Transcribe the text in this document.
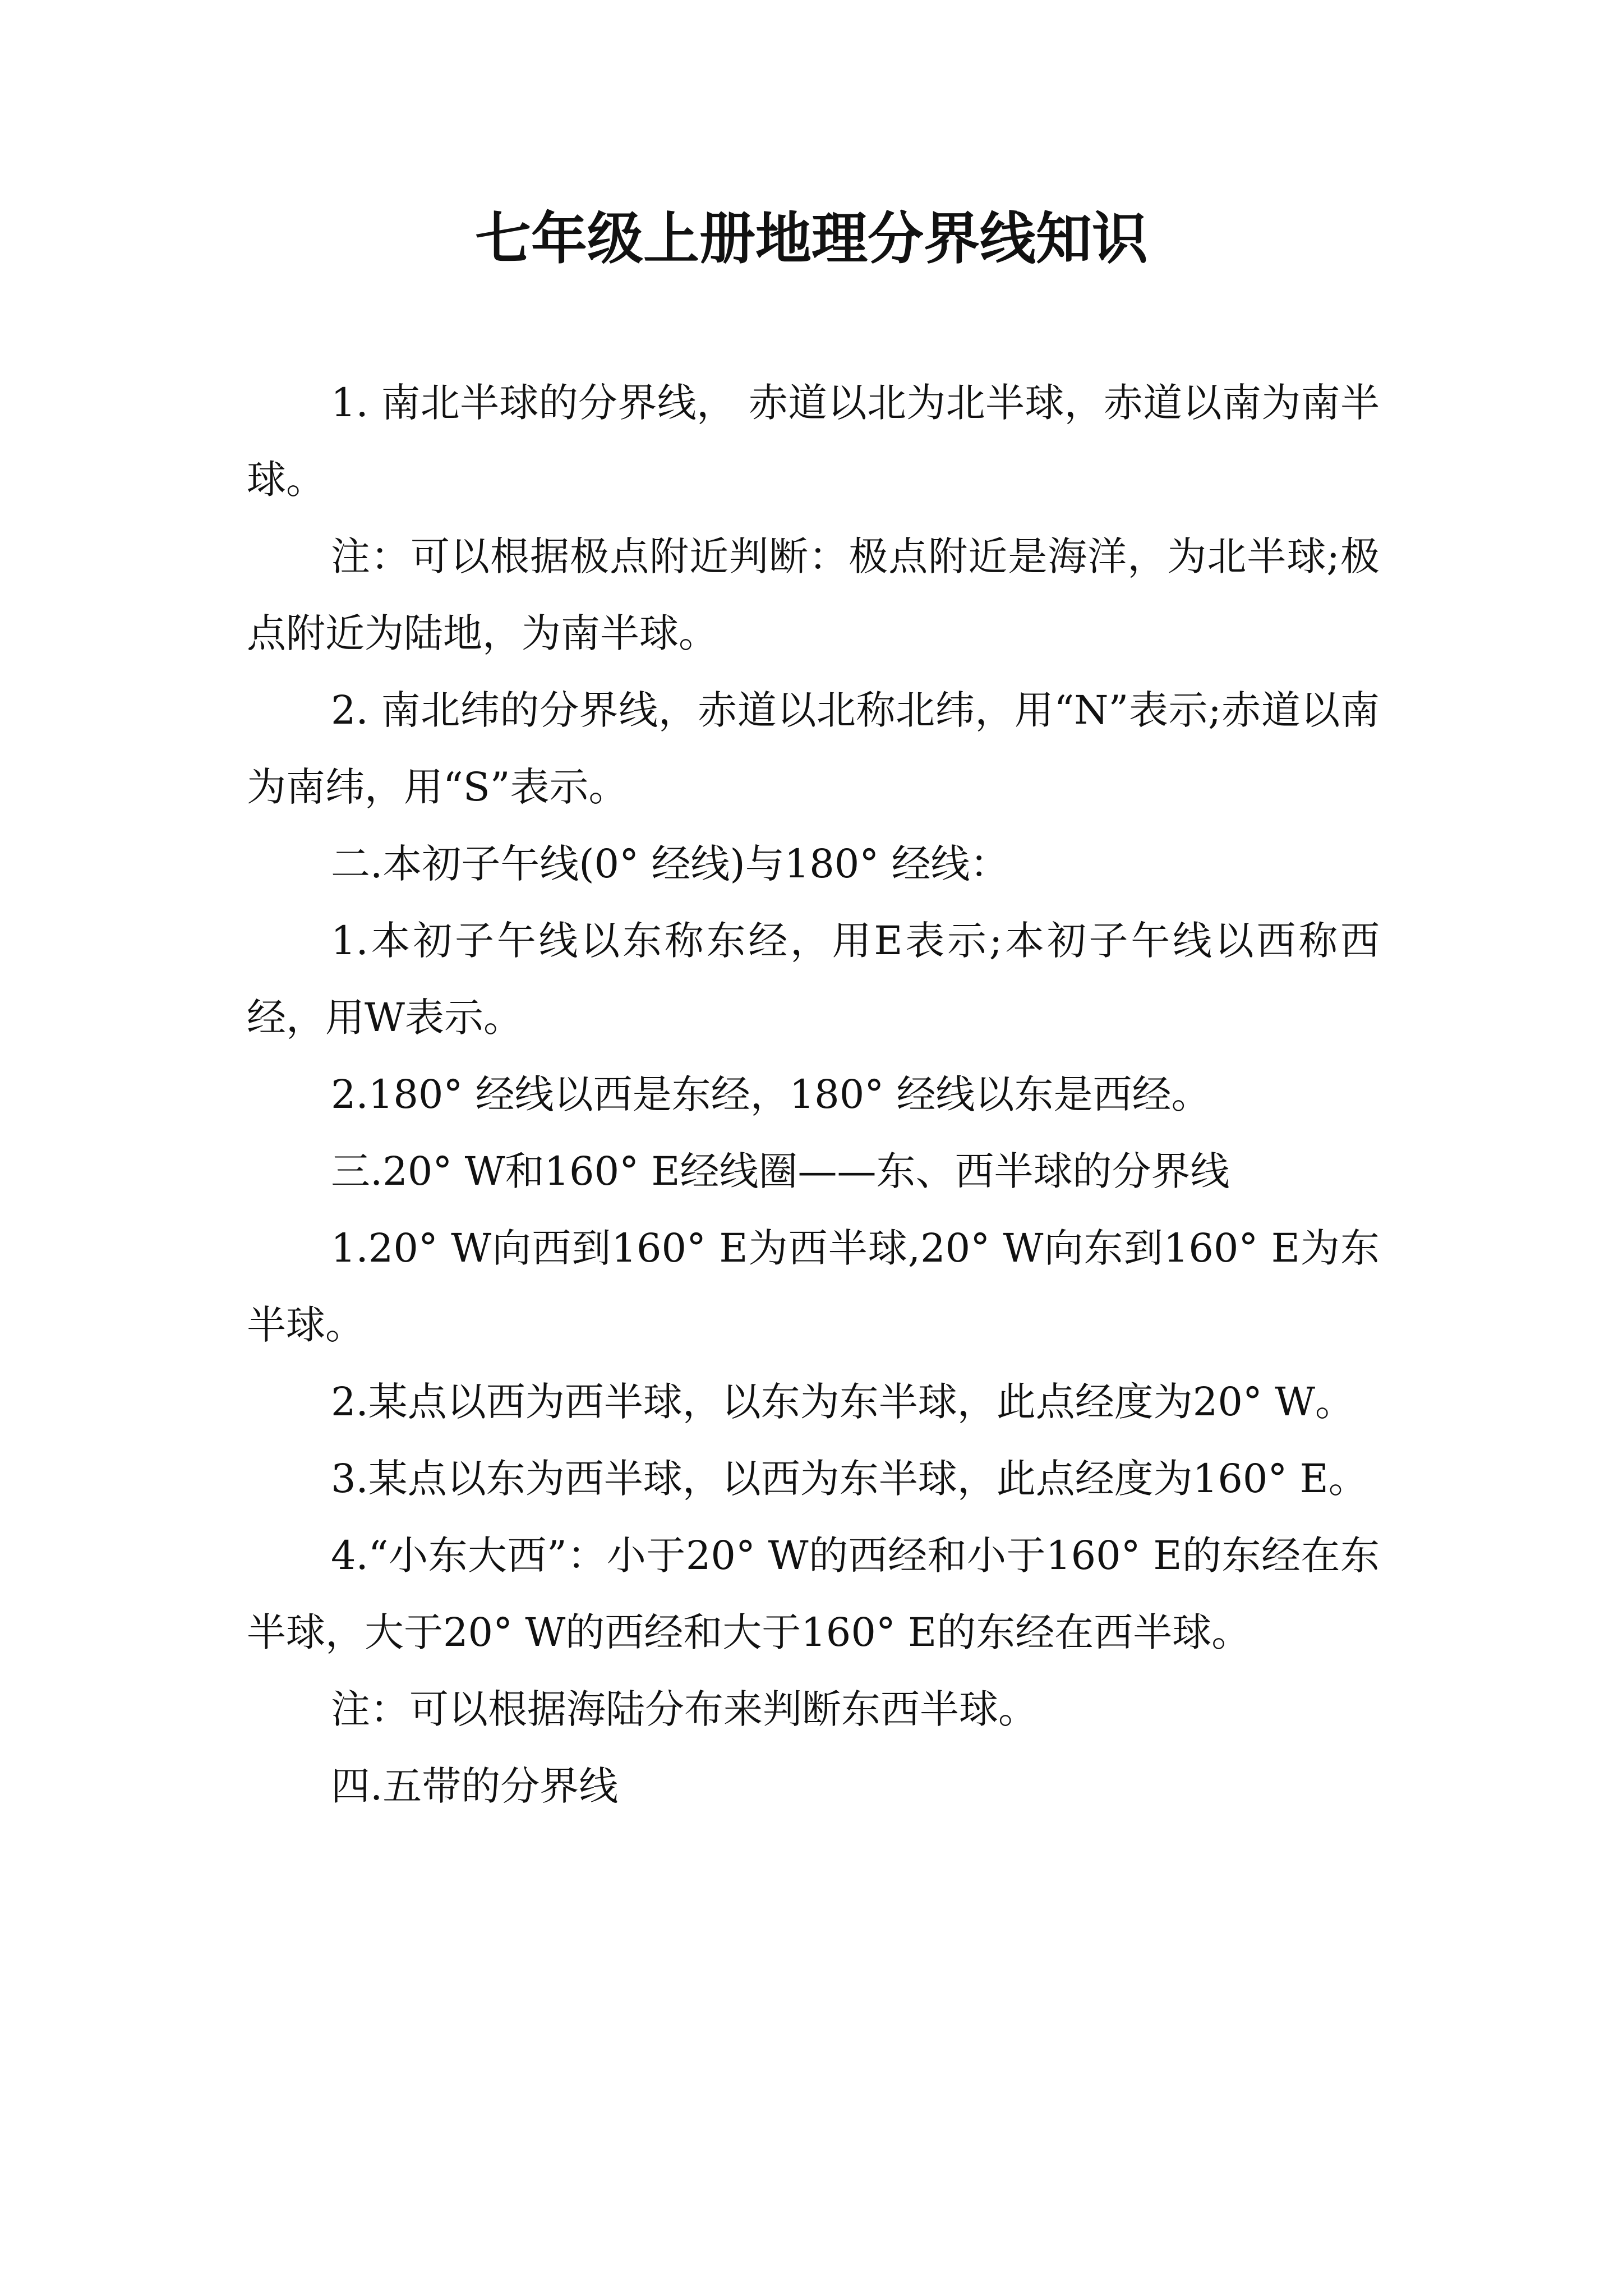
七年级上册地理分界线知识

1. 南北半球的分界线， 赤道以北为北半球，赤道以南为南半球。

注：可以根据极点附近判断：极点附近是海洋，为北半球;极点附近为陆地，为南半球。

2. 南北纬的分界线，赤道以北称北纬，用“N”表示;赤道以南为南纬，用“S”表示。

二.本初子午线(0° 经线)与180° 经线：

1.本初子午线以东称东经，用E表示;本初子午线以西称西经，用W表示。

2.180° 经线以西是东经，180° 经线以东是西经。

三.20° W和160° E经线圈——东、西半球的分界线

1.20° W向西到160° E为西半球,20° W向东到160° E为东半球。

2.某点以西为西半球，以东为东半球，此点经度为20° W。

3.某点以东为西半球，以西为东半球，此点经度为160° E。

4.“小东大西”：小于20° W的西经和小于160° E的东经在东半球，大于20° W的西经和大于160° E的东经在西半球。

注：可以根据海陆分布来判断东西半球。

四.五带的分界线
